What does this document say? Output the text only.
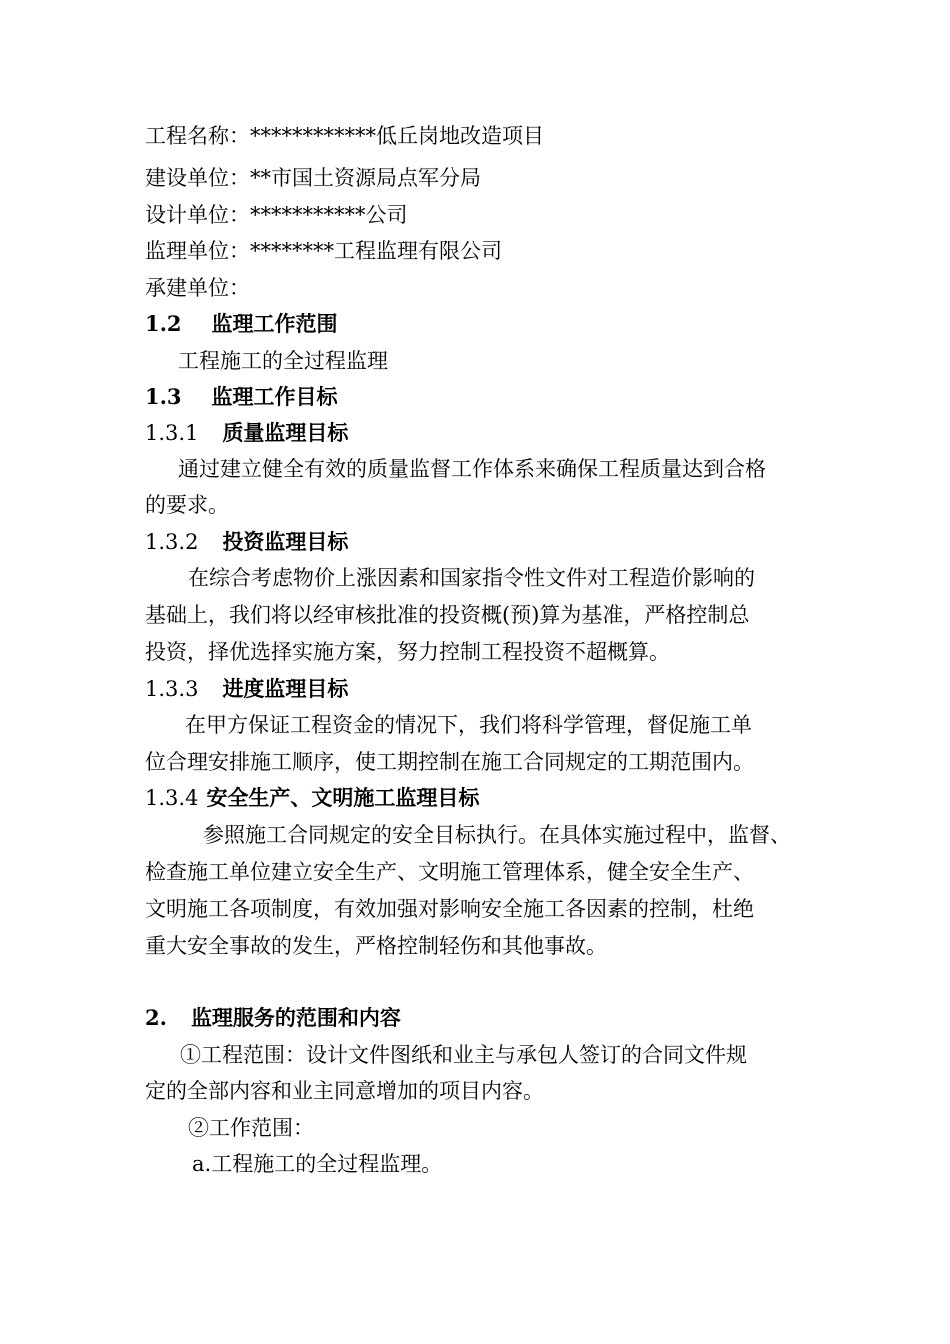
工程名称：************低丘岗地改造项目
建设单位：**市国土资源局点军分局
设计单位：***********公司
监理单位：********工程监理有限公司
承建单位：
1.2 监理工作范围
工程施工的全过程监理
1.3 监理工作目标
1.3.1 质量监理目标
通过建立健全有效的质量监督工作体系来确保工程质量达到合格
的要求。
1.3.2 投资监理目标
在综合考虑物价上涨因素和国家指令性文件对工程造价影响的
基础上，我们将以经审核批准的投资概(预)算为基准，严格控制总
投资，择优选择实施方案，努力控制工程投资不超概算。
1.3.3 进度监理目标
在甲方保证工程资金的情况下，我们将科学管理，督促施工单
位合理安排施工顺序，使工期控制在施工合同规定的工期范围内。
1.3.4 安全生产、文明施工监理目标
参照施工合同规定的安全目标执行。在具体实施过程中，监督、
检查施工单位建立安全生产、文明施工管理体系，健全安全生产、
文明施工各项制度，有效加强对影响安全施工各因素的控制，杜绝
重大安全事故的发生，严格控制轻伤和其他事故。
2. 监理服务的范围和内容
①工程范围：设计文件图纸和业主与承包人签订的合同文件规
定的全部内容和业主同意增加的项目内容。
②工作范围：
a.工程施工的全过程监理。
